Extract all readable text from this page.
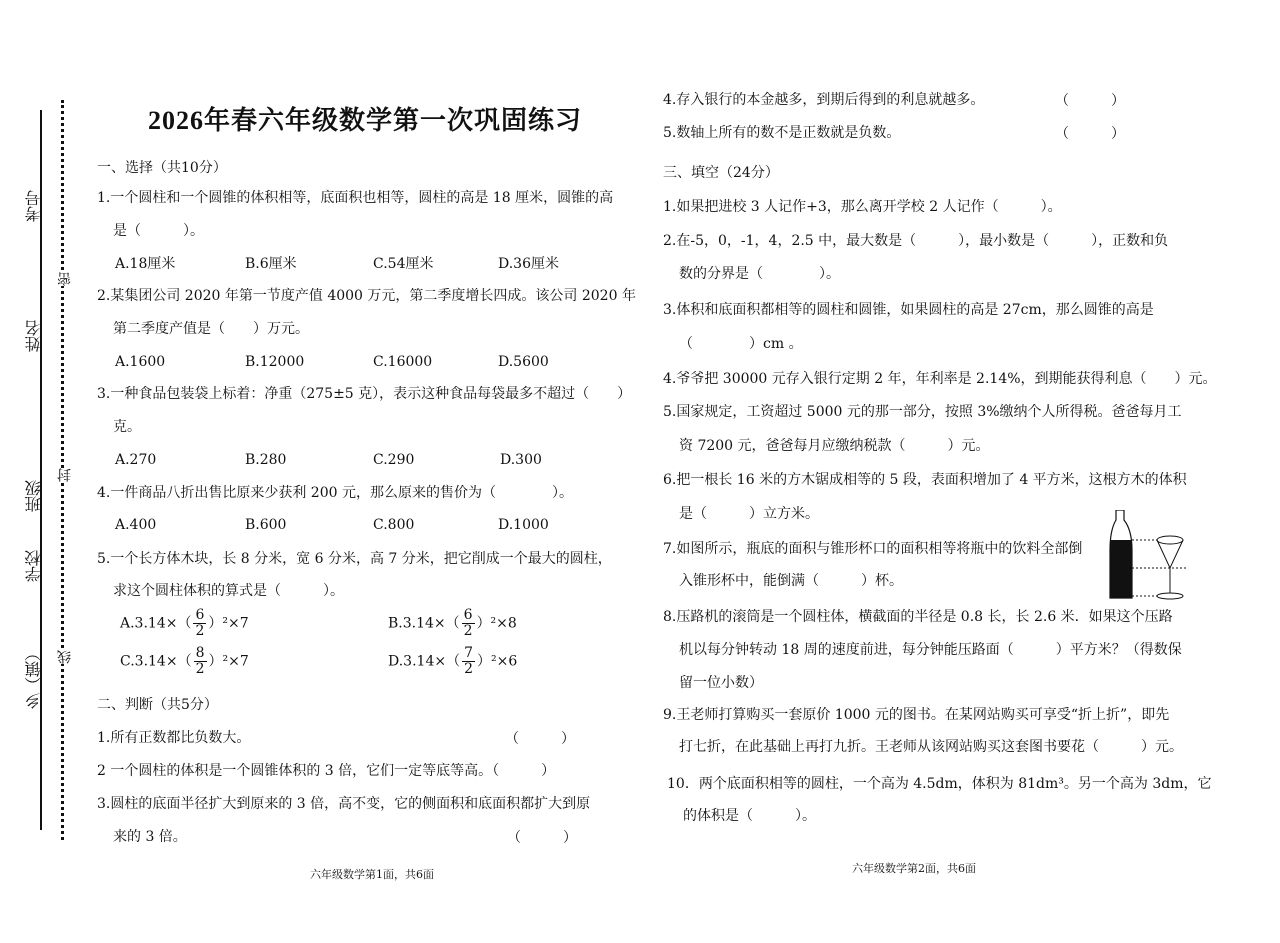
考号
姓名
班级
学校
乡（镇）
密
封
线
2026年春六年级数学第一次巩固练习
一、选择（共10分）
1.一个圆柱和一个圆锥的体积相等，底面积也相等，圆柱的高是 18 厘米，圆锥的高
是（　　　）。
A.18厘米	B.6厘米	C.54厘米	D.36厘米
2.某集团公司 2020 年第一节度产值 4000 万元，第二季度增长四成。该公司 2020 年
第二季度产值是（　　）万元。
A.1600	B.12000	C.16000	D.5600
3.一种食品包装袋上标着：净重（275±5 克），表示这种食品每袋最多不超过（　　）
克。
A.270	B.280	C.290	D.300
4.一件商品八折出售比原来少获利 200 元，那么原来的售价为（　　　　）。
A.400	B.600	C.800	D.1000
5.一个长方体木块，长 8 分米，宽 6 分米，高 7 分米，把它削成一个最大的圆柱，
求这个圆柱体积的算式是（　　　）。
$A.3.14\times( \frac{6}{2} )^2\times 7$	$B.3.14\times( \frac{6}{2} )^2\times 8$
$C.3.14\times( \frac{8}{2} )^2\times 7$	$D.3.14\times( \frac{7}{2} )^2\times 6$
二、判断（共5分）
1.所有正数都比负数大。	（　　　）
2 一个圆柱的体积是一个圆锥体积的 3 倍，它们一定等底等高。（　　　）
3.圆柱的底面半径扩大到原来的 3 倍，高不变，它的侧面积和底面积都扩大到原
来的 3 倍。	（　　　）
六年级数学第1面，共6面
4.存入银行的本金越多，到期后得到的利息就越多。	（　　　）
5.数轴上所有的数不是正数就是负数。	（　　　）
三、填空（24分）
1.如果把进校 3 人记作+3，那么离开学校 2 人记作（　　　）。
2.在-5，0，-1，4，2.5 中，最大数是（　　　），最小数是（　　　），正数和负
数的分界是（　　　　）。
3.体积和底面积都相等的圆柱和圆锥，如果圆柱的高是 27cm，那么圆锥的高是
（　　　　）cm 。
4.爷爷把 30000 元存入银行定期 2 年，年利率是 2.14%，到期能获得利息（　　）元。
5.国家规定，工资超过 5000 元的那一部分，按照 3%缴纳个人所得税。爸爸每月工
资 7200 元，爸爸每月应缴纳税款（　　　）元。
6.把一根长 16 米的方木锯成相等的 5 段，表面积增加了 4 平方米，这根方木的体积
是（　　　）立方米。
7.如图所示，瓶底的面积与锥形杯口的面积相等将瓶中的饮料全部倒
入锥形杯中，能倒满（　　　）杯。
8.压路机的滚筒是一个圆柱体，横截面的半径是 0.8 长，长 2.6 米．如果这个压路
机以每分钟转动 18 周的速度前进，每分钟能压路面（　　　）平方米？（得数保
留一位小数）
9.王老师打算购买一套原价 1000 元的图书。在某网站购买可享受“折上折”，即先
打七折，在此基础上再打九折。王老师从该网站购买这套图书要花（　　　）元。
10．两个底面积相等的圆柱，一个高为 4.5dm，体积为 81dm³。另一个高为 3dm，它
的体积是（　　　）。
六年级数学第2面，共6面
